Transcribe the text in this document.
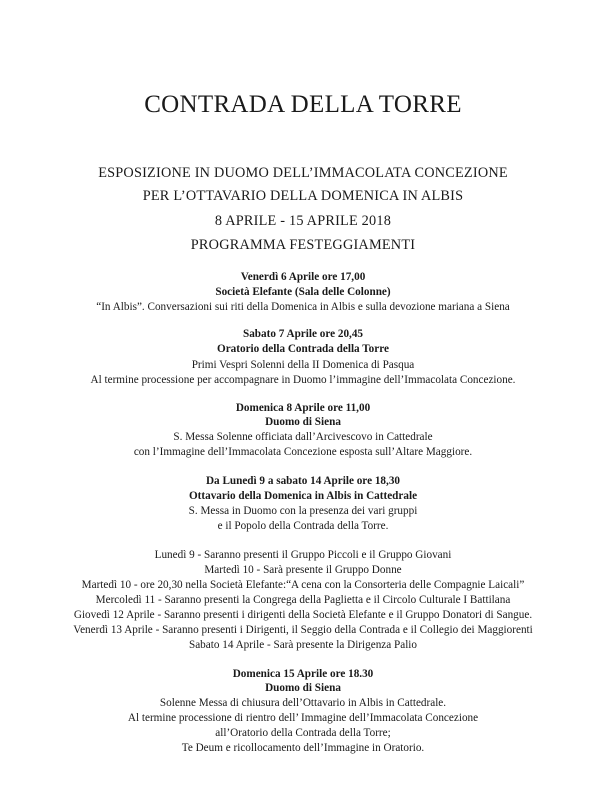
CONTRADA DELLA TORRE
ESPOSIZIONE IN DUOMO DELL’IMMACOLATA CONCEZIONE
PER L’OTTAVARIO DELLA DOMENICA IN ALBIS
8 APRILE - 15 APRILE 2018
PROGRAMMA FESTEGGIAMENTI
Venerdì 6 Aprile ore 17,00
Società Elefante (Sala delle Colonne)
“In Albis”. Conversazioni sui riti della Domenica in Albis e sulla devozione mariana a Siena
Sabato 7 Aprile ore 20,45
Oratorio della Contrada della Torre
Primi Vespri Solenni della II Domenica di Pasqua
Al termine processione per accompagnare in Duomo l’immagine dell’Immacolata Concezione.
Domenica 8 Aprile ore 11,00
Duomo di Siena
S. Messa Solenne officiata dall’Arcivescovo in Cattedrale
con l’Immagine dell’Immacolata Concezione esposta sull’Altare Maggiore.
Da Lunedì 9 a sabato 14 Aprile ore 18,30
Ottavario della Domenica in Albis in Cattedrale
S. Messa in Duomo con la presenza dei vari gruppi
e il Popolo della Contrada della Torre.
Lunedì 9 - Saranno presenti il Gruppo Piccoli e il Gruppo Giovani
Martedì 10 - Sarà presente il Gruppo Donne
Martedì 10 - ore 20,30 nella Società Elefante:“A cena con la Consorteria delle Compagnie Laicali”
Mercoledì 11 - Saranno presenti la Congrega della Paglietta e il Circolo Culturale I Battilana
Giovedì 12 Aprile - Saranno presenti i dirigenti della Società Elefante e il Gruppo Donatori di Sangue.
Venerdì 13 Aprile - Saranno presenti i Dirigenti, il Seggio della Contrada e il Collegio dei Maggiorenti
Sabato 14 Aprile - Sarà presente la Dirigenza Palio
Domenica 15 Aprile ore 18.30
Duomo di Siena
Solenne Messa di chiusura dell’Ottavario in Albis in Cattedrale.
Al termine processione di rientro dell’ Immagine dell’Immacolata Concezione
all’Oratorio della Contrada della Torre;
Te Deum e ricollocamento dell’Immagine in Oratorio.
